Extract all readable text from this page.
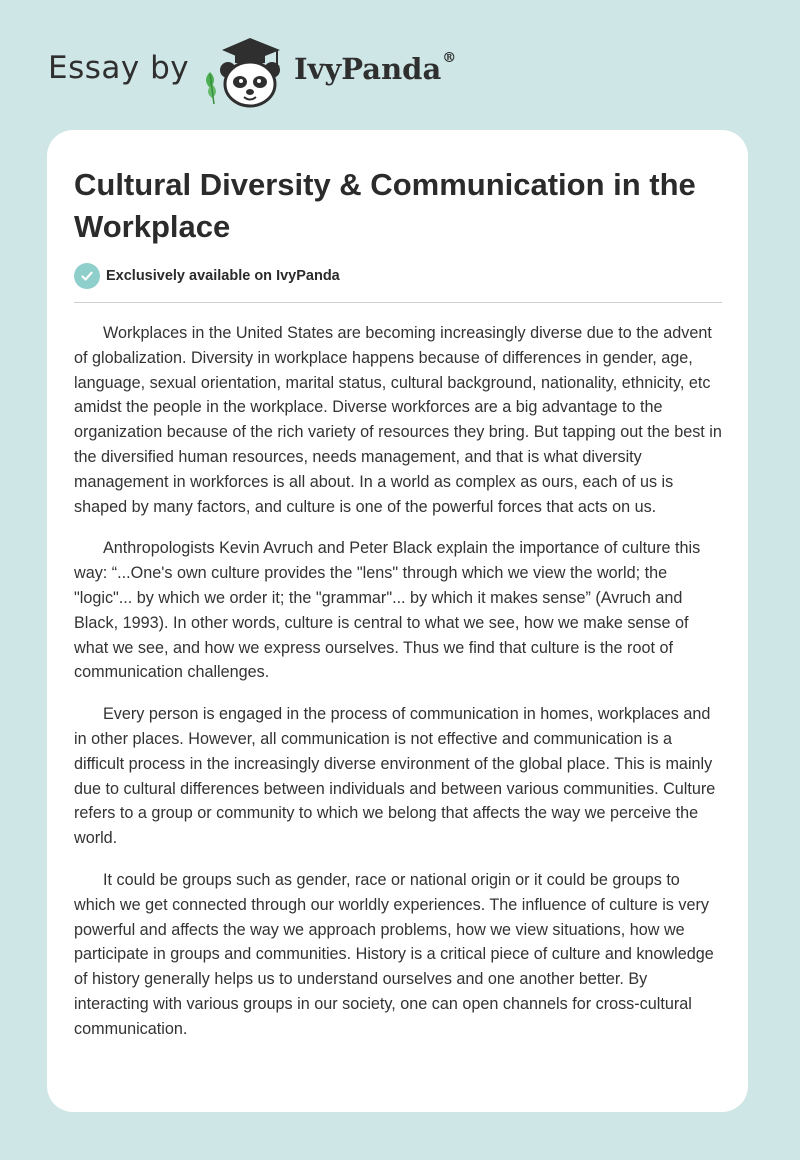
Essay by	IvyPanda®
Cultural Diversity & Communication in the Workplace
Exclusively available on IvyPanda

Workplaces in the United States are becoming increasingly diverse due to the advent of globalization. Diversity in workplace happens because of differences in gender, age, language, sexual orientation, marital status, cultural background, nationality, ethnicity, etc amidst the people in the workplace. Diverse workforces are a big advantage to the organization because of the rich variety of resources they bring. But tapping out the best in the diversified human resources, needs management, and that is what diversity management in workforces is all about. In a world as complex as ours, each of us is shaped by many factors, and culture is one of the powerful forces that acts on us.

Anthropologists Kevin Avruch and Peter Black explain the importance of culture this way: “...One's own culture provides the "lens" through which we view the world; the "logic"... by which we order it; the "grammar"... by which it makes sense” (Avruch and Black, 1993). In other words, culture is central to what we see, how we make sense of what we see, and how we express ourselves. Thus we find that culture is the root of communication challenges.

Every person is engaged in the process of communication in homes, workplaces and in other places. However, all communication is not effective and communication is a difficult process in the increasingly diverse environment of the global place. This is mainly due to cultural differences between individuals and between various communities. Culture refers to a group or community to which we belong that affects the way we perceive the world.

It could be groups such as gender, race or national origin or it could be groups to which we get connected through our worldly experiences. The influence of culture is very powerful and affects the way we approach problems, how we view situations, how we participate in groups and communities. History is a critical piece of culture and knowledge of history generally helps us to understand ourselves and one another better. By interacting with various groups in our society, one can open channels for cross-cultural communication.
